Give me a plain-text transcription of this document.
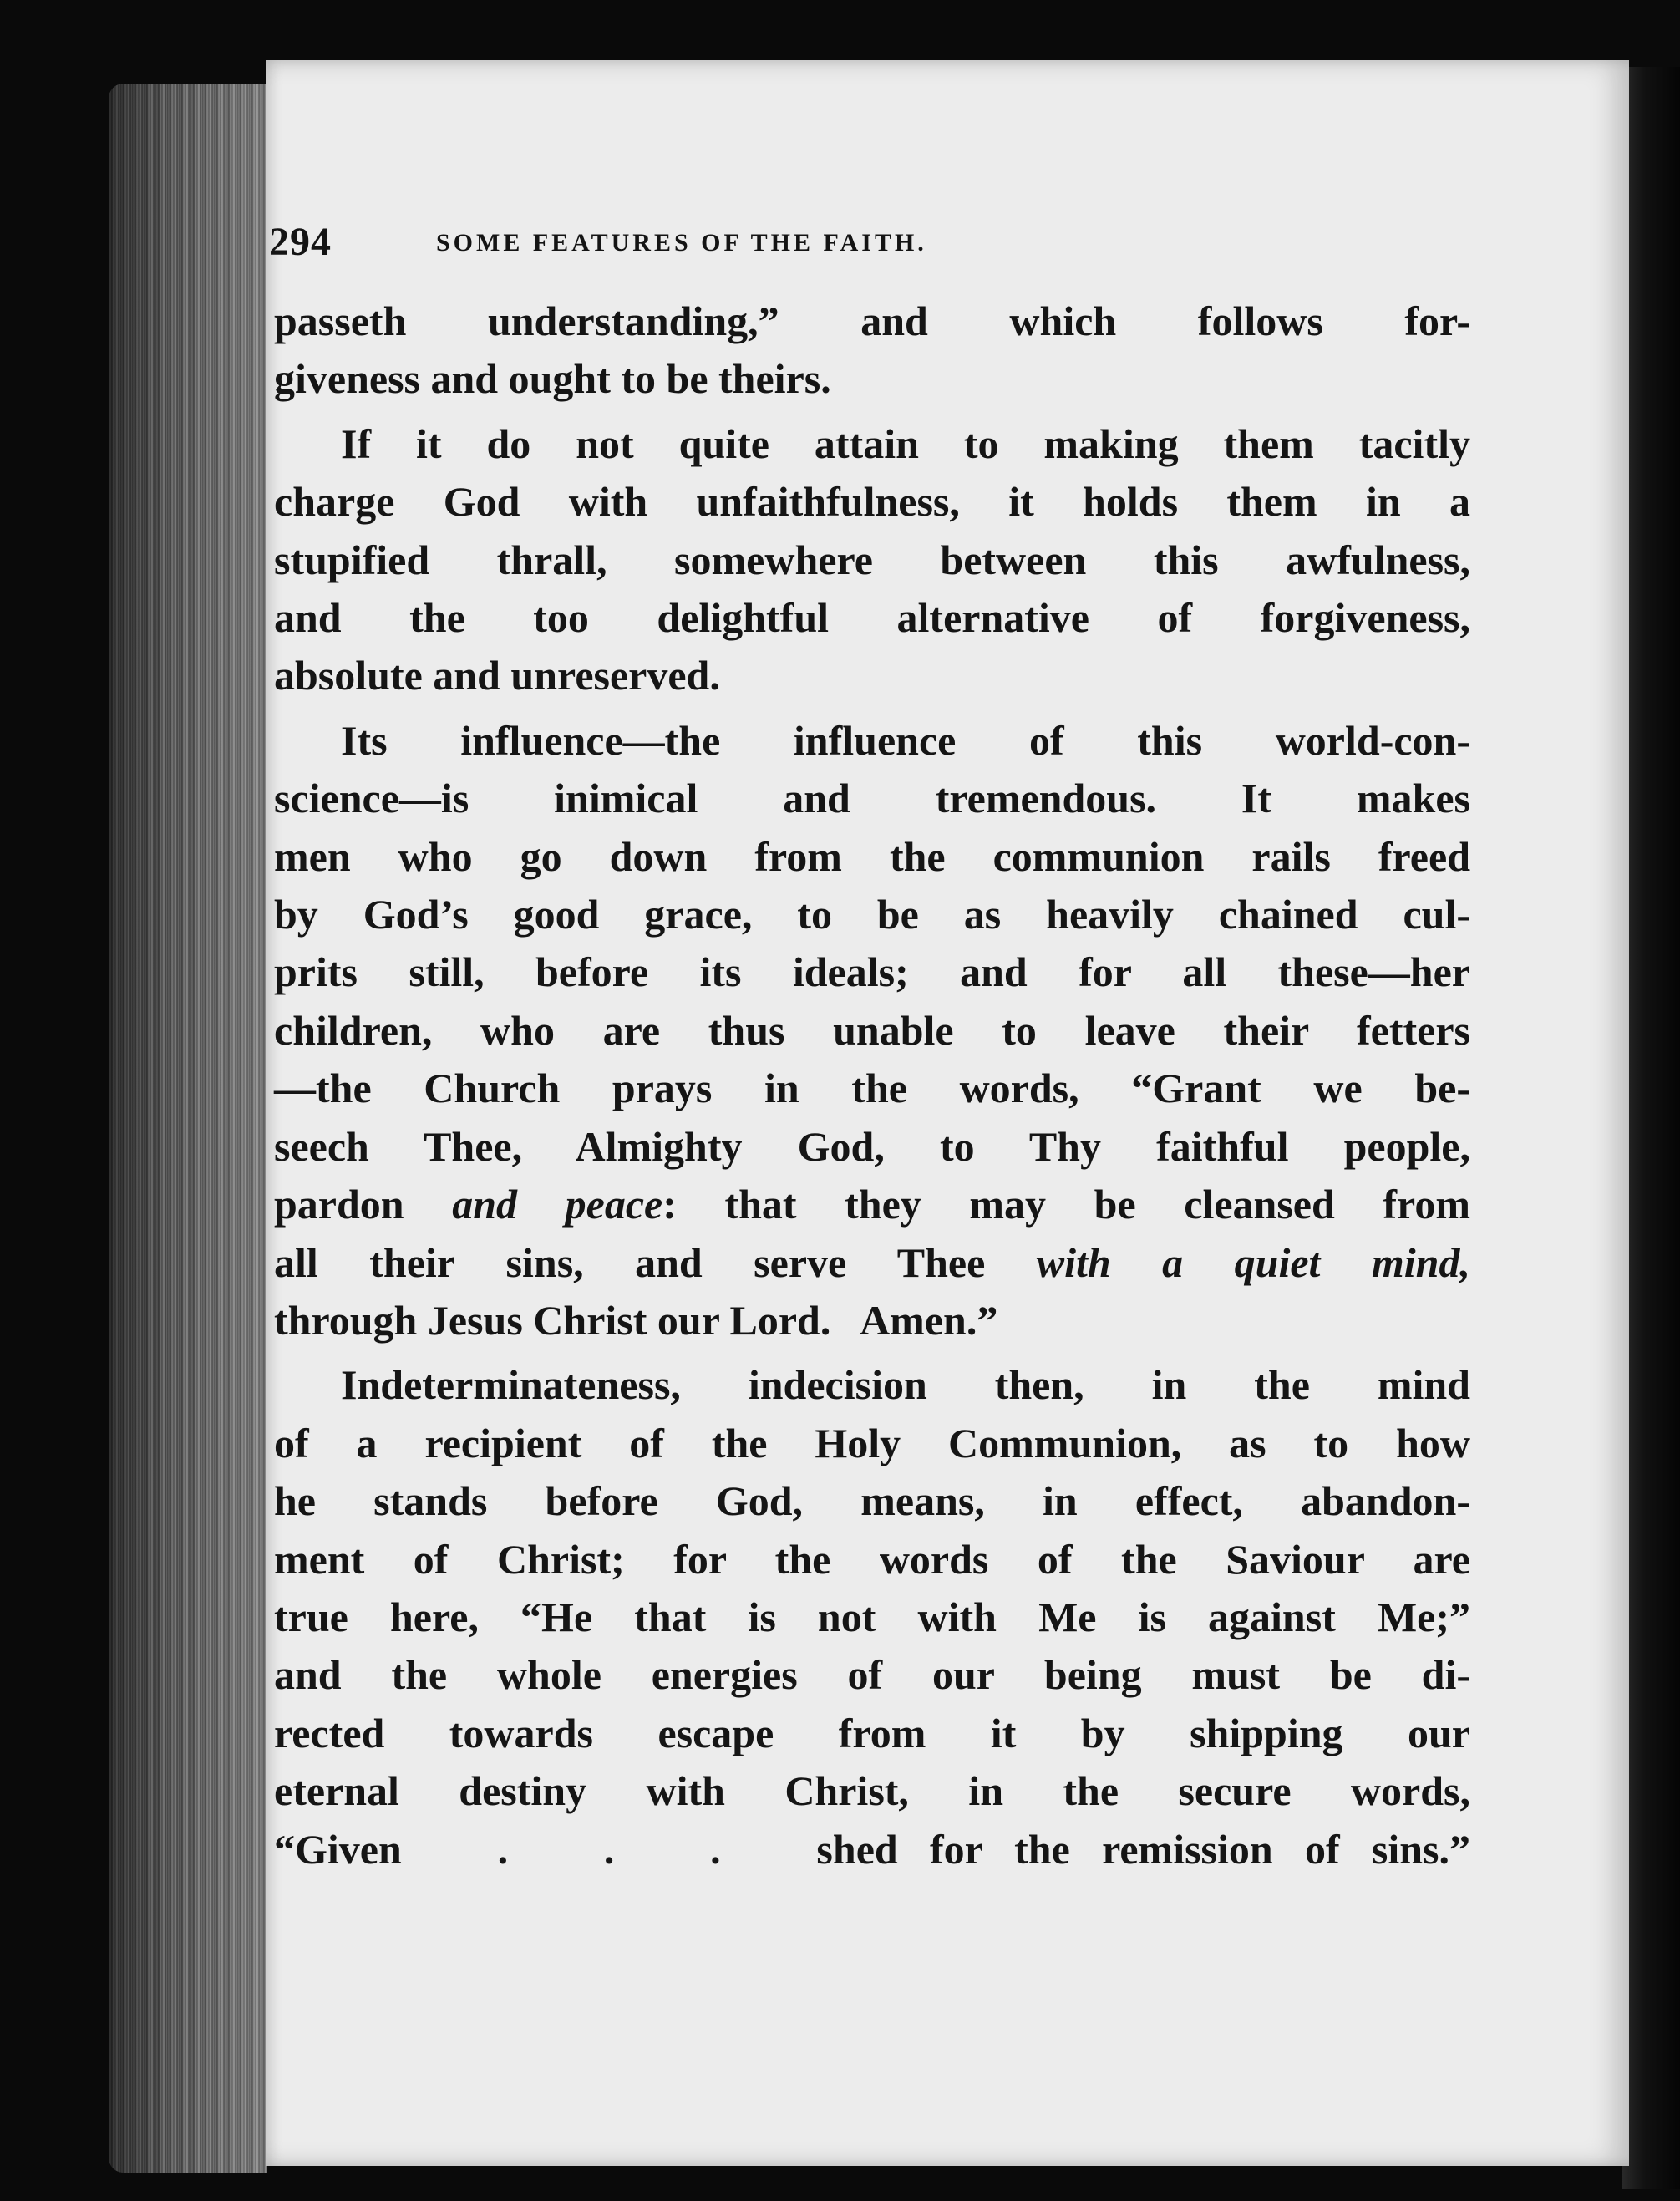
294	SOME FEATURES OF THE FAITH.

passeth understanding,” and which follows for-
giveness and ought to be theirs.

If it do not quite attain to making them tacitly
charge God with unfaithfulness, it holds them in a
stupified thrall, somewhere between this awfulness,
and the too delightful alternative of forgiveness,
absolute and unreserved.

Its influence—the influence of this world-con-
science—is inimical and tremendous. It makes
men who go down from the communion rails freed
by God’s good grace, to be as heavily chained cul-
prits still, before its ideals; and for all these—her
children, who are thus unable to leave their fetters
—the Church prays in the words, “Grant we be-
seech Thee, Almighty God, to Thy faithful people,
pardon and peace: that they may be cleansed from
all their sins, and serve Thee with a quiet mind,
through Jesus Christ our Lord.   Amen.”

Indeterminateness, indecision then, in the mind
of a recipient of the Holy Communion, as to how
he stands before God, means, in effect, abandon-
ment of Christ; for the words of the Saviour are
true here, “He that is not with Me is against Me;”
and the whole energies of our being must be di-
rected towards escape from it by shipping our
eternal destiny with Christ, in the secure words,
“Given   .   .   .   shed for the remission of sins.”
